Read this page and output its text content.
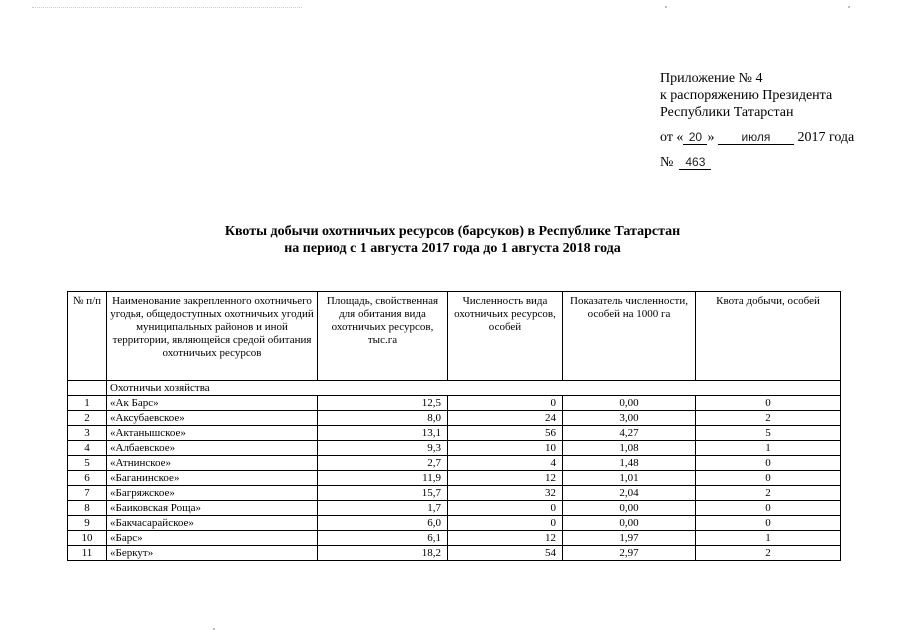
Приложение № 4
к распоряжению Президента
Республики Татарстан
от « 20 » июля 2017 года
№ 463
Квоты добычи охотничьих ресурсов (барсуков) в Республике Татарстан
на период с 1 августа 2017 года до 1 августа 2018 года
№ п/п	Наименование закрепленного охотничьего угодья, общедоступных охотничьих угодий муниципальных районов и иной территории, являющейся средой обитания охотничьих ресурсов	Площадь, свойственная для обитания вида охотничьих ресурсов, тыс.га	Численность вида охотничьих ресурсов, особей	Показатель численности, особей на 1000 га	Квота добычи, особей
	Охотничьи хозяйства				
1	«Ак Барс»	12,5	0	0,00	0
2	«Аксубаевское»	8,0	24	3,00	2
3	«Актанышское»	13,1	56	4,27	5
4	«Албаевское»	9,3	10	1,08	1
5	«Атнинское»	2,7	4	1,48	0
6	«Баганинское»	11,9	12	1,01	0
7	«Багряжское»	15,7	32	2,04	2
8	«Баиковская Роща»	1,7	0	0,00	0
9	«Бакчасарайское»	6,0	0	0,00	0
10	«Барс»	6,1	12	1,97	1
11	«Беркут»	18,2	54	2,97	2
